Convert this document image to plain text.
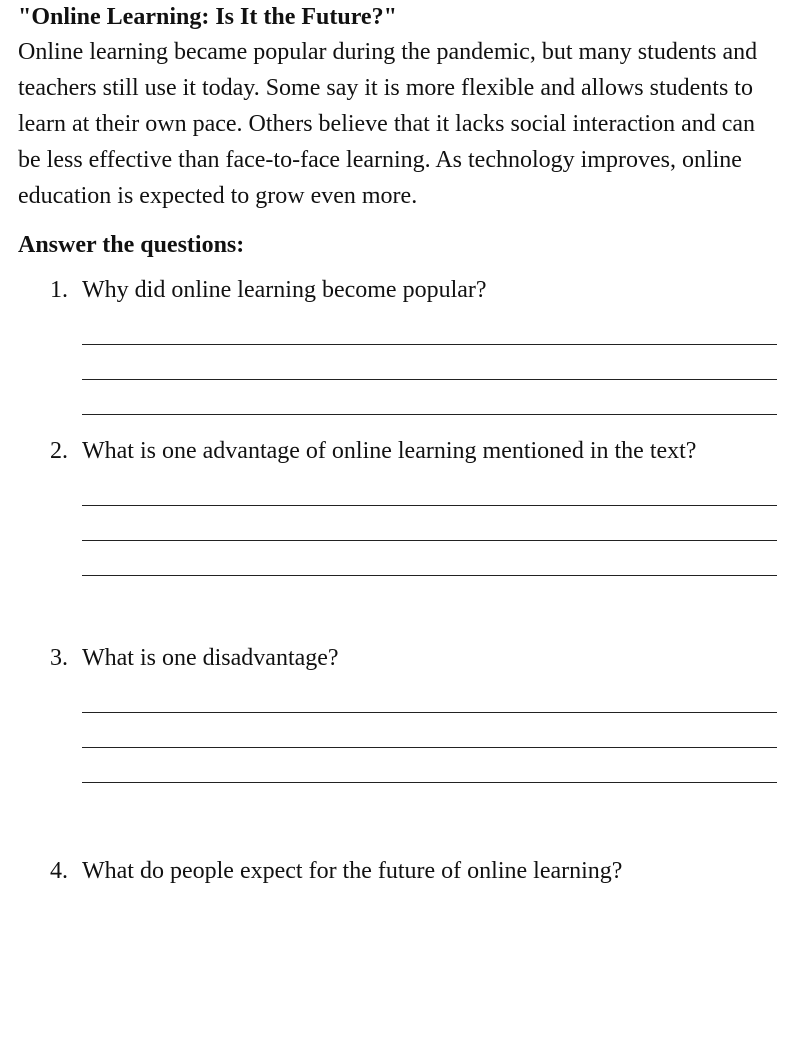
"Online Learning: Is It the Future?"

Online learning became popular during the pandemic, but many students and teachers still use it today. Some say it is more flexible and allows students to learn at their own pace. Others believe that it lacks social interaction and can be less effective than face-to-face learning. As technology improves, online education is expected to grow even more.

Answer the questions:
1. Why did online learning become popular?
2. What is one advantage of online learning mentioned in the text?
3. What is one disadvantage?
4. What do people expect for the future of online learning?
